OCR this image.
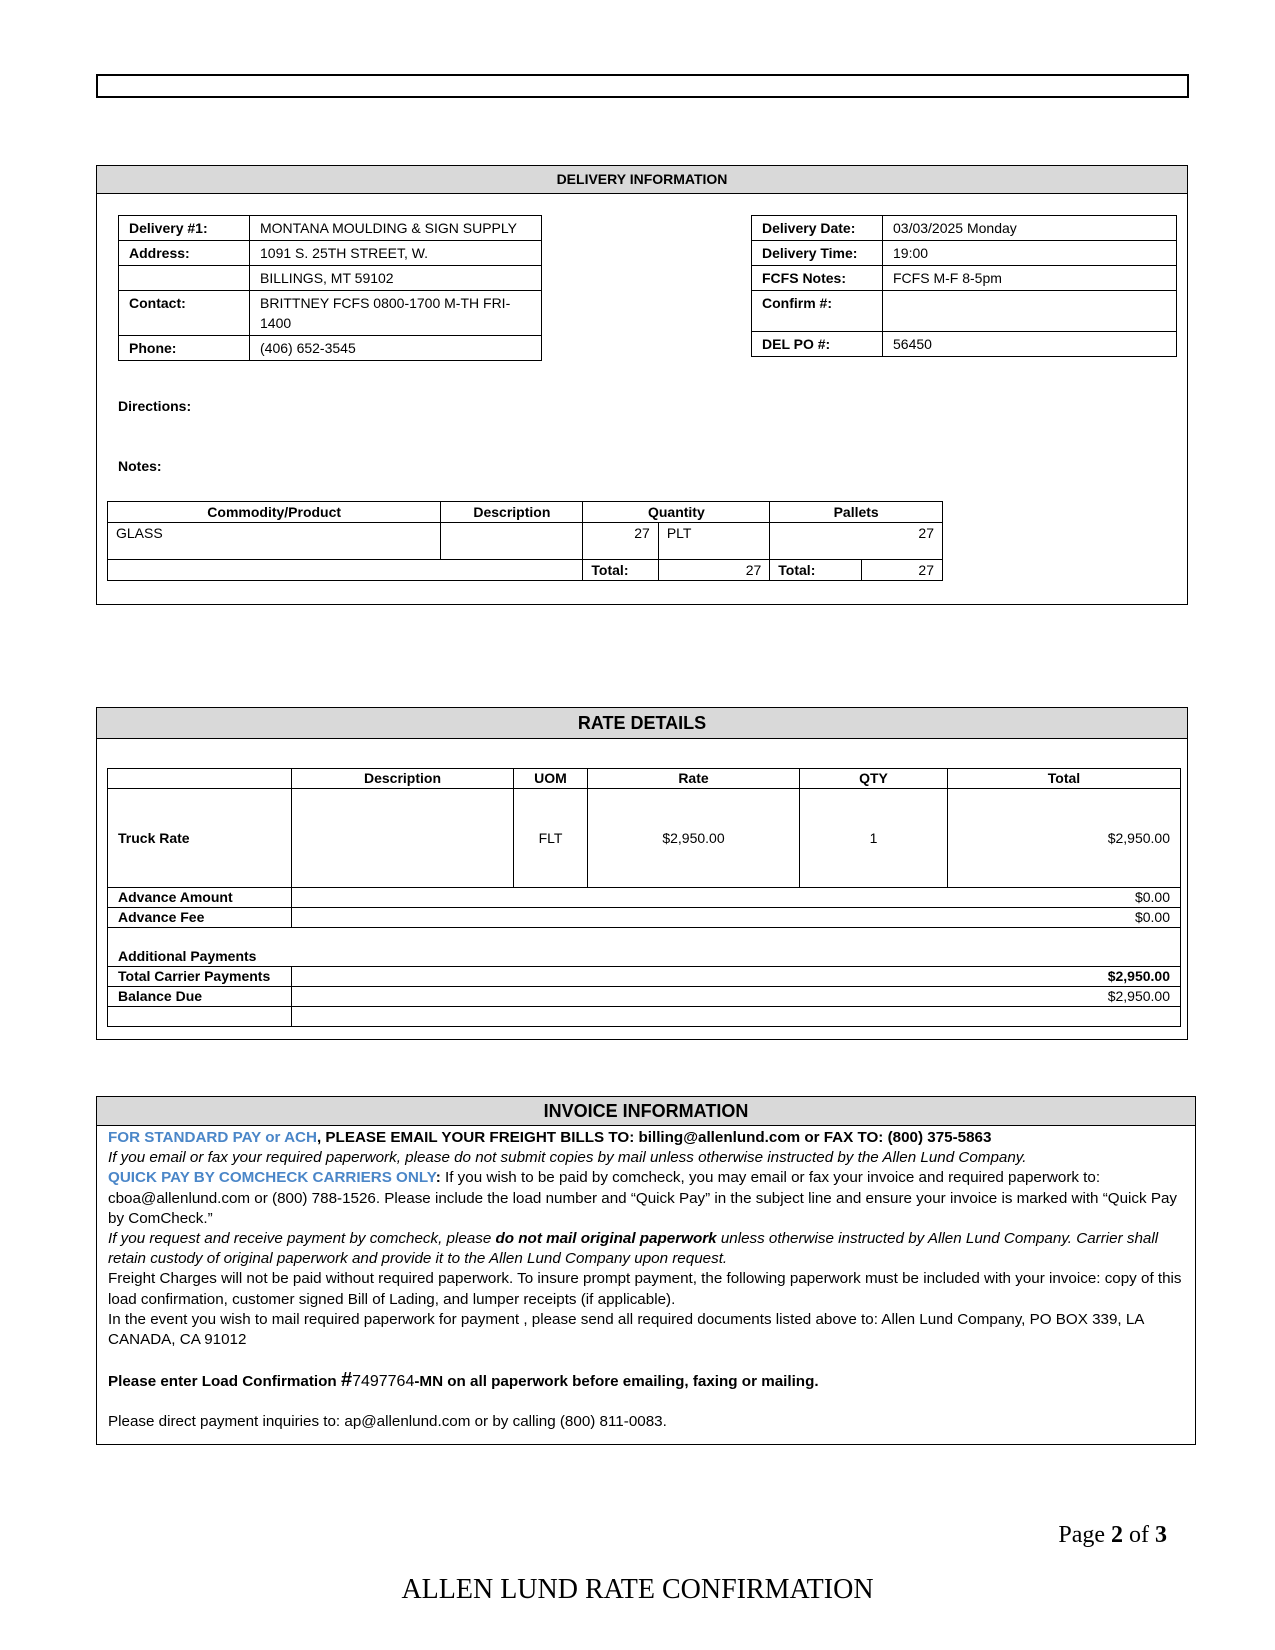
DELIVERY INFORMATION
Delivery #1:	MONTANA MOULDING & SIGN SUPPLY
Address:	1091 S. 25TH STREET, W.
	BILLINGS, MT 59102
Contact:	BRITTNEY FCFS 0800-1700 M-TH FRI-1400
Phone:	(406) 652-3545
Delivery Date:	03/03/2025 Monday
Delivery Time:	19:00
FCFS Notes:	FCFS M-F 8-5pm
Confirm #:	
DEL PO #:	56450
Directions:
Notes:
Commodity/Product	Description	Quantity		Pallets	
GLASS		27	PLT	27	
		Total:	27	Total:	27
RATE DETAILS
	Description	UOM	Rate	QTY	Total
Truck Rate		FLT	$2,950.00	1	$2,950.00
Advance Amount	$0.00				
Advance Fee	$0.00				
Additional Payments					
Total Carrier Payments	$2,950.00				
Balance Due	$2,950.00				

INVOICE INFORMATION

FOR STANDARD PAY or ACH, PLEASE EMAIL YOUR FREIGHT BILLS TO: billing@allenlund.com or FAX TO: (800) 375-5863

If you email or fax your required paperwork, please do not submit copies by mail unless otherwise instructed by the Allen Lund Company.

QUICK PAY BY COMCHECK CARRIERS ONLY: If you wish to be paid by comcheck, you may email or fax your invoice and required paperwork to: cboa@allenlund.com or (800) 788-1526. Please include the load number and “Quick Pay” in the subject line and ensure your invoice is marked with “Quick Pay by ComCheck.”

If you request and receive payment by comcheck, please do not mail original paperwork unless otherwise instructed by Allen Lund Company. Carrier shall retain custody of original paperwork and provide it to the Allen Lund Company upon request.

Freight Charges will not be paid without required paperwork. To insure prompt payment, the following paperwork must be included with your invoice: copy of this load confirmation, customer signed Bill of Lading, and lumper receipts (if applicable).

In the event you wish to mail required paperwork for payment , please send all required documents listed above to: Allen Lund Company, PO BOX 339, LA CANADA, CA 91012

Please enter Load Confirmation #7497764-MN on all paperwork before emailing, faxing or mailing.

Please direct payment inquiries to: ap@allenlund.com or by calling (800) 811-0083.

Page 2 of 3
ALLEN LUND RATE CONFIRMATION
